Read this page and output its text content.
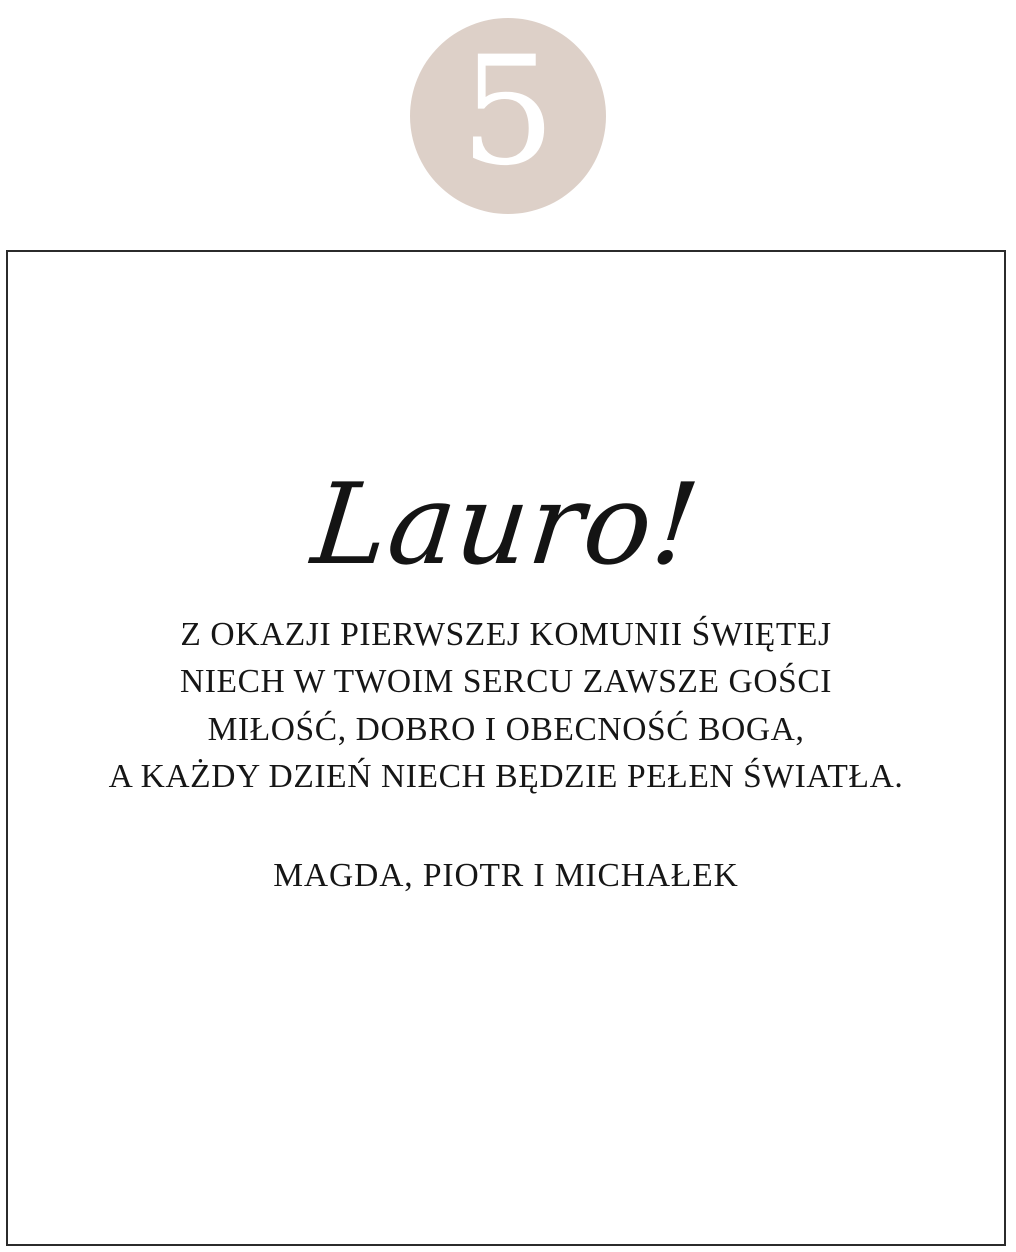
5
Lauro!
Z OKAZJI PIERWSZEJ KOMUNII ŚWIĘTEJ
NIECH W TWOIM SERCU ZAWSZE GOŚCI
MIŁOŚĆ, DOBRO I OBECNOŚĆ BOGA,
A KAŻDY DZIEŃ NIECH BĘDZIE PEŁEN ŚWIATŁA.
MAGDA, PIOTR I MICHAŁEK
